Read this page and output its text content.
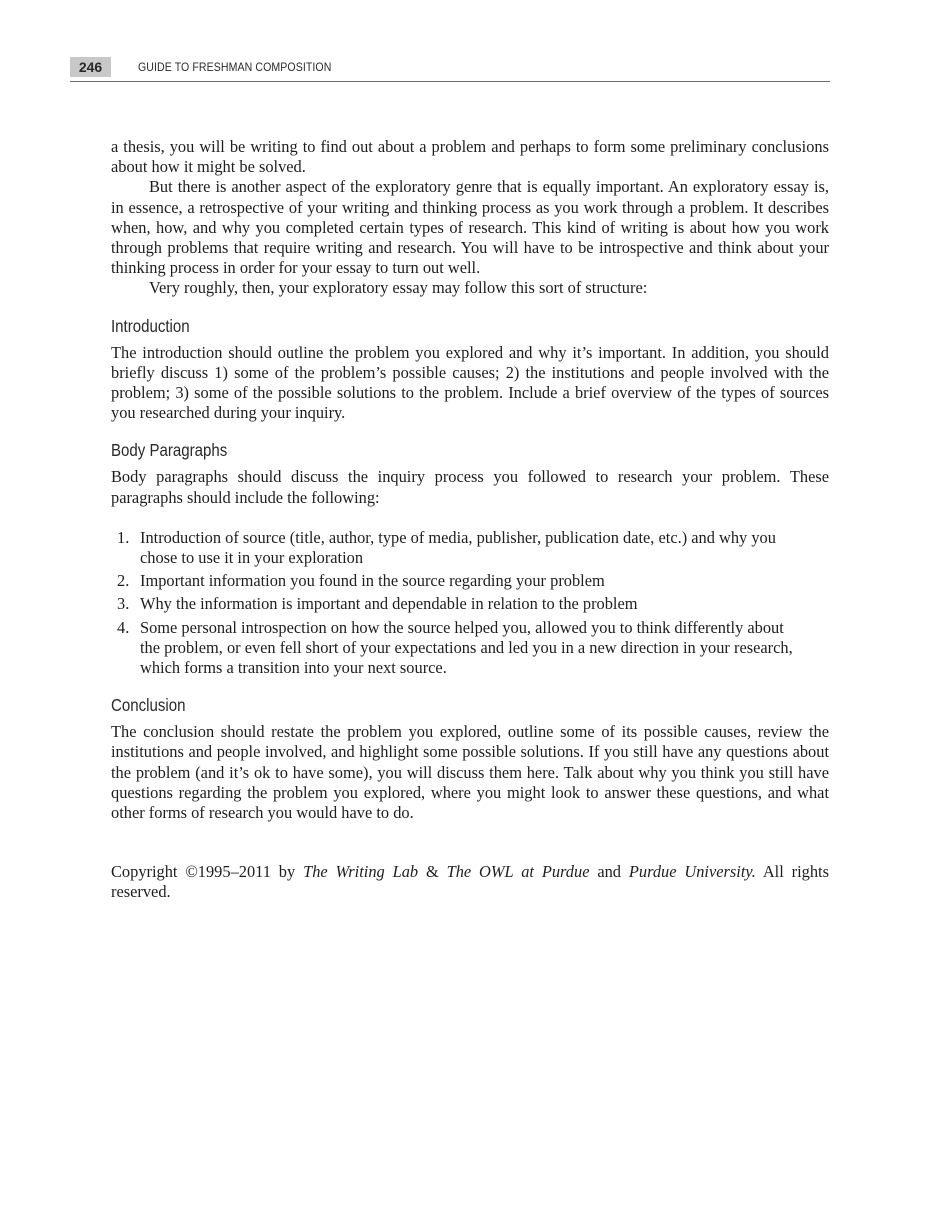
246	GUIDE TO FRESHMAN COMPOSITION

a thesis, you will be writing to find out about a problem and perhaps to form some preliminary conclusions about how it might be solved.

But there is another aspect of the exploratory genre that is equally important. An exploratory essay is, in essence, a retrospective of your writing and thinking process as you work through a problem. It describes when, how, and why you completed certain types of research. This kind of writing is about how you work through problems that require writing and research. You will have to be introspective and think about your thinking process in order for your essay to turn out well.

Very roughly, then, your exploratory essay may follow this sort of structure:

Introduction

The introduction should outline the problem you explored and why it’s important. In addition, you should briefly discuss 1) some of the problem’s possible causes; 2) the institutions and people involved with the problem; 3) some of the possible solutions to the problem. Include a brief overview of the types of sources you researched during your inquiry.

Body Paragraphs

Body paragraphs should discuss the inquiry process you followed to research your problem. These paragraphs should include the following:

1. Introduction of source (title, author, type of media, publisher, publication date, etc.) and why you chose to use it in your exploration
2. Important information you found in the source regarding your problem
3. Why the information is important and dependable in relation to the problem
4. Some personal introspection on how the source helped you, allowed you to think differently about the problem, or even fell short of your expectations and led you in a new direction in your research, which forms a transition into your next source.
Conclusion

The conclusion should restate the problem you explored, outline some of its possible causes, review the institutions and people involved, and highlight some possible solutions. If you still have any questions about the problem (and it’s ok to have some), you will discuss them here. Talk about why you think you still have questions regarding the problem you explored, where you might look to answer these questions, and what other forms of research you would have to do.

Copyright ©1995–2011 by The Writing Lab & The OWL at Purdue and Purdue University. All rights reserved.
